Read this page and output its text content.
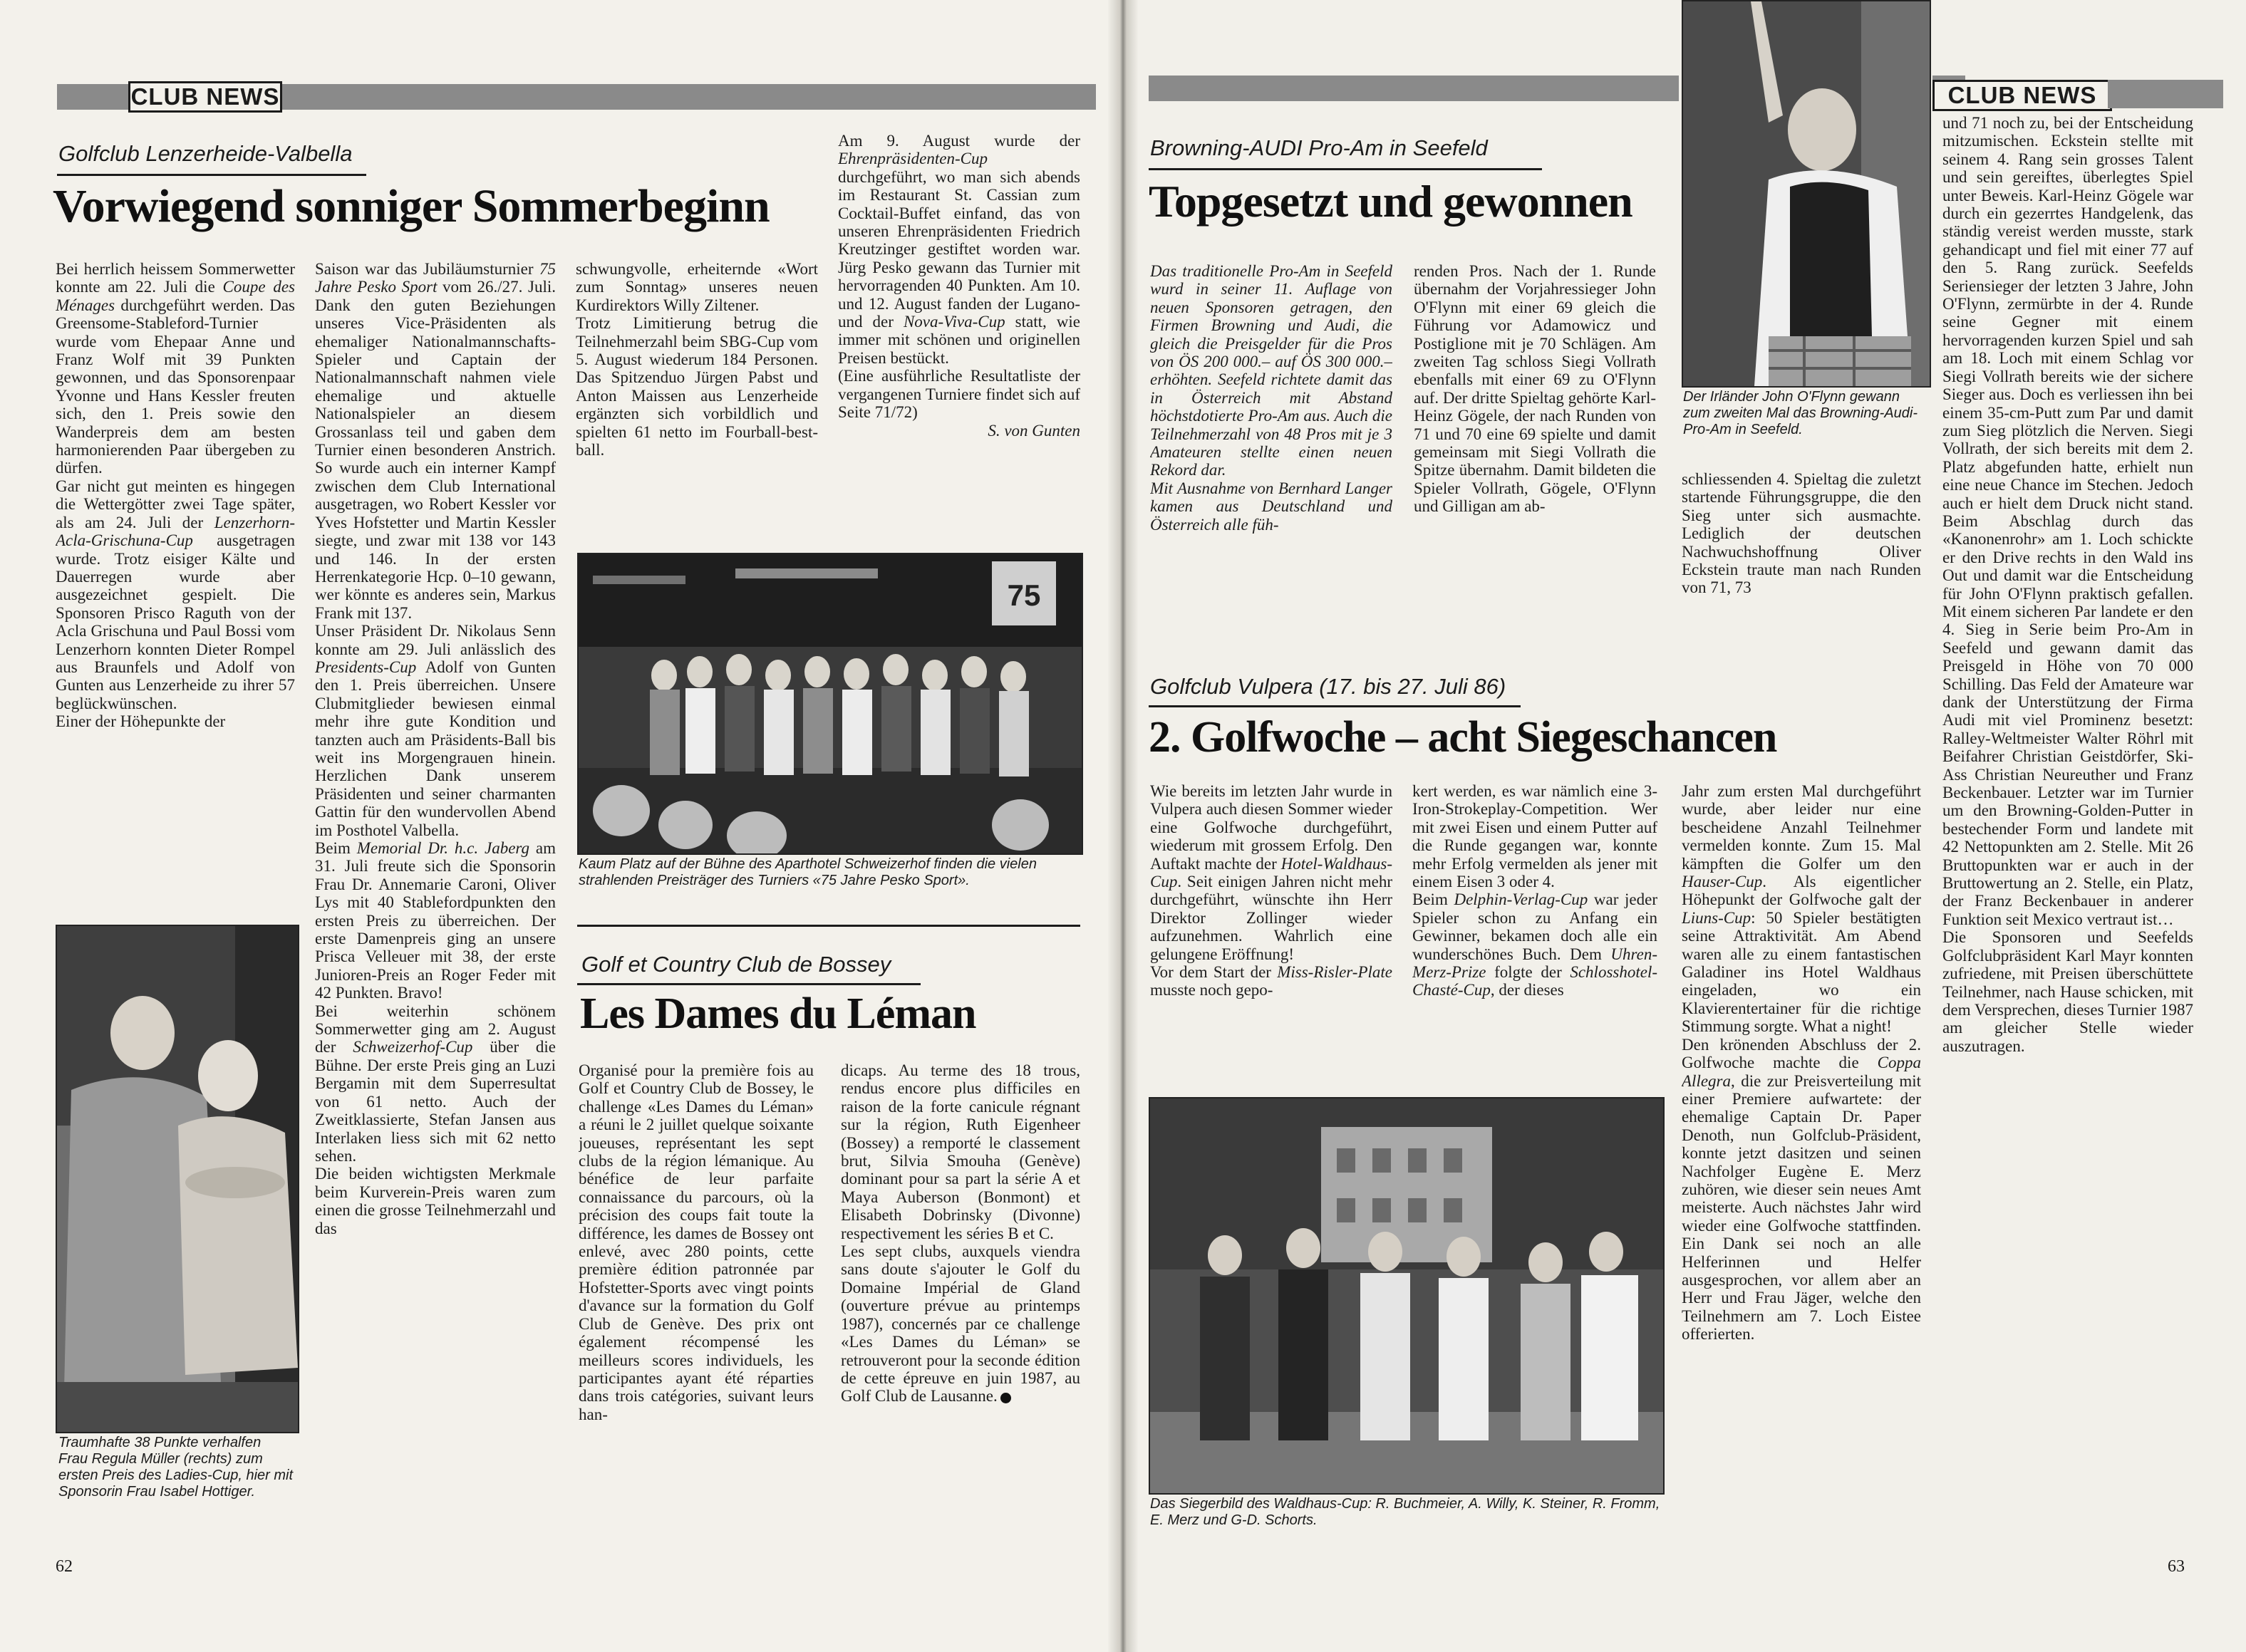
CLUB NEWS
Golfclub Lenzerheide-Valbella
Vorwiegend sonniger Sommerbeginn

Bei herrlich heissem Sommerwetter konnte am 22. Juli die Coupe des Ménages durchgeführt werden. Das Greensome-Stableford-Turnier wurde vom Ehepaar Anne und Franz Wolf mit 39 Punkten gewonnen, und das Sponsorenpaar Yvonne und Hans Kessler freuten sich, den 1. Preis sowie den Wanderpreis dem am besten harmonierenden Paar übergeben zu dürfen.
Gar nicht gut meinten es hingegen die Wettergötter zwei Tage später, als am 24. Juli der Lenzerhorn-Acla-Grischuna-Cup ausgetragen wurde. Trotz eisiger Kälte und Dauerregen wurde aber ausgezeichnet gespielt. Die Sponsoren Prisco Raguth von der Acla Grischuna und Paul Bossi vom Lenzerhorn konnten Dieter Rompel aus Braunfels und Adolf von Gunten aus Lenzerheide zu ihrer 57 beglückwünschen.
Einer der Höhepunkte der

Traumhafte 38 Punkte verhalfen Frau Regula Müller (rechts) zum ersten Preis des Ladies-Cup, hier mit Sponsorin Frau Isabel Hottiger.

Saison war das Jubiläumsturnier 75 Jahre Pesko Sport vom 26./27. Juli. Dank den guten Beziehungen unseres Vice-Präsidenten als ehemaliger Nationalmannschafts-Spieler und Captain der Nationalmannschaft nahmen viele ehemalige und aktuelle Nationalspieler an diesem Grossanlass teil und gaben dem Turnier einen besonderen Anstrich. So wurde auch ein interner Kampf zwischen dem Club International ausgetragen, wo Robert Kessler vor Yves Hofstetter und Martin Kessler siegte, und zwar mit 138 vor 143 und 146. In der ersten Herrenkategorie Hcp. 0–10 gewann, wer könnte es anderes sein, Markus Frank mit 137.
Unser Präsident Dr. Nikolaus Senn konnte am 29. Juli anlässlich des Presidents-Cup Adolf von Gunten den 1. Preis überreichen. Unsere Clubmitglieder bewiesen einmal mehr ihre gute Kondition und tanzten auch am Präsidents-Ball bis weit ins Morgengrauen hinein. Herzlichen Dank unserem Präsidenten und seiner charmanten Gattin für den wundervollen Abend im Posthotel Valbella.
Beim Memorial Dr. h.c. Jaberg am 31. Juli freute sich die Sponsorin Frau Dr. Annemarie Caroni, Oliver Lys mit 40 Stablefordpunkten den ersten Preis zu überreichen. Der erste Damenpreis ging an unsere Prisca Velleuer mit 38, der erste Junioren-Preis an Roger Feder mit 42 Punkten. Bravo!
Bei weiterhin schönem Sommerwetter ging am 2. August der Schweizerhof-Cup über die Bühne. Der erste Preis ging an Luzi Bergamin mit dem Superresultat von 61 netto. Auch der Zweitklassierte, Stefan Jansen aus Interlaken liess sich mit 62 netto sehen.
Die beiden wichtigsten Merkmale beim Kurverein-Preis waren zum einen die grosse Teilnehmerzahl und das

schwungvolle, erheiternde «Wort zum Sonntag» unseres neuen Kurdirektors Willy Ziltener.
Trotz Limitierung betrug die Teilnehmerzahl beim SBG-Cup vom 5. August wiederum 184 Personen. Das Spitzenduo Jürgen Pabst und Anton Maissen aus Lenzerheide ergänzten sich vorbildlich und spielten 61 netto im Fourball-best-ball.

Am 9. August wurde der Ehrenpräsidenten-Cup durchgeführt, wo man sich abends im Restaurant St. Cassian zum Cocktail-Buffet einfand, das von unseren Ehrenpräsidenten Friedrich Kreutzinger gestiftet worden war. Jürg Pesko gewann das Turnier mit hervorragenden 40 Punkten. Am 10. und 12. August fanden der Lugano- und der Nova-Viva-Cup statt, wie immer mit schönen und originellen Preisen bestückt.
(Eine ausführliche Resultatliste der vergangenen Turniere findet sich auf Seite 71/72)

S. von Gunten

75
Kaum Platz auf der Bühne des Aparthotel Schweizerhof finden die vielen strahlenden Preisträger des Turniers «75 Jahre Pesko Sport».
Golf et Country Club de Bossey
Les Dames du Léman

Organisé pour la première fois au Golf et Country Club de Bossey, le challenge «Les Dames du Léman» a réuni le 2 juillet quelque soixante joueuses, représentant les sept clubs de la région lémanique. Au bénéfice de leur parfaite connaissance du parcours, où la précision des coups fait toute la différence, les dames de Bossey ont enlevé, avec 280 points, cette première édition patronnée par Hofstetter-Sports avec vingt points d'avance sur la formation du Golf Club de Genève. Des prix ont également récompensé les meilleurs scores individuels, les participantes ayant été réparties dans trois catégories, suivant leurs han-

dicaps. Au terme des 18 trous, rendus encore plus difficiles en raison de la forte canicule régnant sur la région, Ruth Eigenheer (Bossey) a remporté le classement brut, Silvia Smouha (Genève) dominant pour sa part la série A et Maya Auberson (Bonmont) et Elisabeth Dobrinsky (Divonne) respectivement les séries B et C.
Les sept clubs, auxquels viendra sans doute s'ajouter le Golf du Domaine Impérial de Gland (ouverture prévue au printemps 1987), concernés par ce challenge «Les Dames du Léman» se retrouveront pour la seconde édition de cette épreuve en juin 1987, au Golf Club de Lausanne.

62
CLUB NEWS
Browning-AUDI Pro-Am in Seefeld
Topgesetzt und gewonnen

Das traditionelle Pro-Am in Seefeld wurd in seiner 11. Auflage von neuen Sponsoren getragen, den Firmen Browning und Audi, die gleich die Preisgelder für die Pros von ÖS 200 000.– auf ÖS 300 000.– erhöhten. Seefeld richtete damit das in Österreich mit Abstand höchstdotierte Pro-Am aus. Auch die Teilnehmerzahl von 48 Pros mit je 3 Amateuren stellte einen neuen Rekord dar.
Mit Ausnahme von Bernhard Langer kamen aus Deutschland und Österreich alle füh-

renden Pros. Nach der 1. Runde übernahm der Vorjahressieger John O'Flynn mit einer 69 gleich die Führung vor Adamowicz und Postiglione mit je 70 Schlägen. Am zweiten Tag schloss Siegi Vollrath ebenfalls mit einer 69 zu O'Flynn auf. Der dritte Spieltag gehörte Karl-Heinz Gögele, der nach Runden von 71 und 70 eine 69 spielte und damit gemeinsam mit Siegi Vollrath die Spitze übernahm. Damit bildeten die Spieler Vollrath, Gögele, O'Flynn und Gilligan am ab-

Der Irländer John O'Flynn gewann zum zweiten Mal das Browning-Audi-Pro-Am in Seefeld.

schliessenden 4. Spieltag die zuletzt startende Führungsgruppe, die den Sieg unter sich ausmachte. Lediglich der deutschen Nachwuchshoffnung Oliver Eckstein traute man nach Runden von 71, 73

und 71 noch zu, bei der Entscheidung mitzumischen. Eckstein stellte mit seinem 4. Rang sein grosses Talent und sein gereiftes, überlegtes Spiel unter Beweis. Karl-Heinz Gögele war durch ein gezerrtes Handgelenk, das ständig vereist werden musste, stark gehandicapt und fiel mit einer 77 auf den 5. Rang zurück. Seefelds Seriensieger der letzten 3 Jahre, John O'Flynn, zermürbte in der 4. Runde seine Gegner mit einem hervorragenden kurzen Spiel und sah am 18. Loch mit einem Schlag vor Siegi Vollrath bereits wie der sichere Sieger aus. Doch es verliessen ihn bei einem 35-cm-Putt zum Par und damit zum Sieg plötzlich die Nerven. Siegi Vollrath, der sich bereits mit dem 2. Platz abgefunden hatte, erhielt nun eine neue Chance im Stechen. Jedoch auch er hielt dem Druck nicht stand. Beim Abschlag durch das «Kanonenrohr» am 1. Loch schickte er den Drive rechts in den Wald ins Out und damit war die Entscheidung für John O'Flynn praktisch gefallen. Mit einem sicheren Par landete er den 4. Sieg in Serie beim Pro-Am in Seefeld und gewann damit das Preisgeld in Höhe von 70 000 Schilling. Das Feld der Amateure war dank der Unterstützung der Firma Audi mit viel Prominenz besetzt: Ralley-Weltmeister Walter Röhrl mit Beifahrer Christian Geistdörfer, Ski-Ass Christian Neureuther und Franz Beckenbauer. Letzter war im Turnier um den Browning-Golden-Putter in bestechender Form und landete mit 42 Nettopunkten am 2. Stelle. Mit 26 Bruttopunkten war er auch in der Bruttowertung an 2. Stelle, ein Platz, der Franz Beckenbauer in anderer Funktion seit Mexico vertraut ist…
Die Sponsoren und Seefelds Golfclubpräsident Karl Mayr konnten zufriedene, mit Preisen überschüttete Teilnehmer, nach Hause schicken, mit dem Versprechen, dieses Turnier 1987 am gleicher Stelle wieder auszutragen.

Golfclub Vulpera (17. bis 27. Juli 86)
2. Golfwoche – acht Siegeschancen

Wie bereits im letzten Jahr wurde in Vulpera auch diesen Sommer wieder eine Golfwoche durchgeführt, wiederum mit grossem Erfolg. Den Auftakt machte der Hotel-Waldhaus-Cup. Seit einigen Jahren nicht mehr durchgeführt, wünschte ihn Herr Direktor Zollinger wieder aufzunehmen. Wahrlich eine gelungene Eröffnung!
Vor dem Start der Miss-Risler-Plate musste noch gepo-

kert werden, es war nämlich eine 3-Iron-Strokeplay-Competition. Wer mit zwei Eisen und einem Putter auf die Runde gegangen war, konnte mehr Erfolg vermelden als jener mit einem Eisen 3 oder 4.
Beim Delphin-Verlag-Cup war jeder Spieler schon zu Anfang ein Gewinner, bekamen doch alle ein wunderschönes Buch. Dem Uhren-Merz-Prize folgte der Schlosshotel-Chasté-Cup, der dieses

Jahr zum ersten Mal durchgeführt wurde, aber leider nur eine bescheidene Anzahl Teilnehmer vermelden konnte. Zum 15. Mal kämpften die Golfer um den Hauser-Cup. Als eigentlicher Höhepunkt der Golfwoche galt der Liuns-Cup: 50 Spieler bestätigten seine Attraktivität. Am Abend waren alle zu einem fantastischen Galadiner ins Hotel Waldhaus eingeladen, wo ein Klavierentertainer für die richtige Stimmung sorgte. What a night!
Den krönenden Abschluss der 2. Golfwoche machte die Coppa Allegra, die zur Preisverteilung mit einer Premiere aufwartete: der ehemalige Captain Dr. Paper Denoth, nun Golfclub-Präsident, konnte jetzt dasitzen und seinen Nachfolger Eugène E. Merz zuhören, wie dieser sein neues Amt meisterte. Auch nächstes Jahr wird wieder eine Golfwoche stattfinden. Ein Dank sei noch an alle Helferinnen und Helfer ausgesprochen, vor allem aber an Herr und Frau Jäger, welche den Teilnehmern am 7. Loch Eistee offerierten.

Das Siegerbild des Waldhaus-Cup: R. Buchmeier, A. Willy, K. Steiner, R. Fromm, E. Merz und G-D. Schorts.
63
